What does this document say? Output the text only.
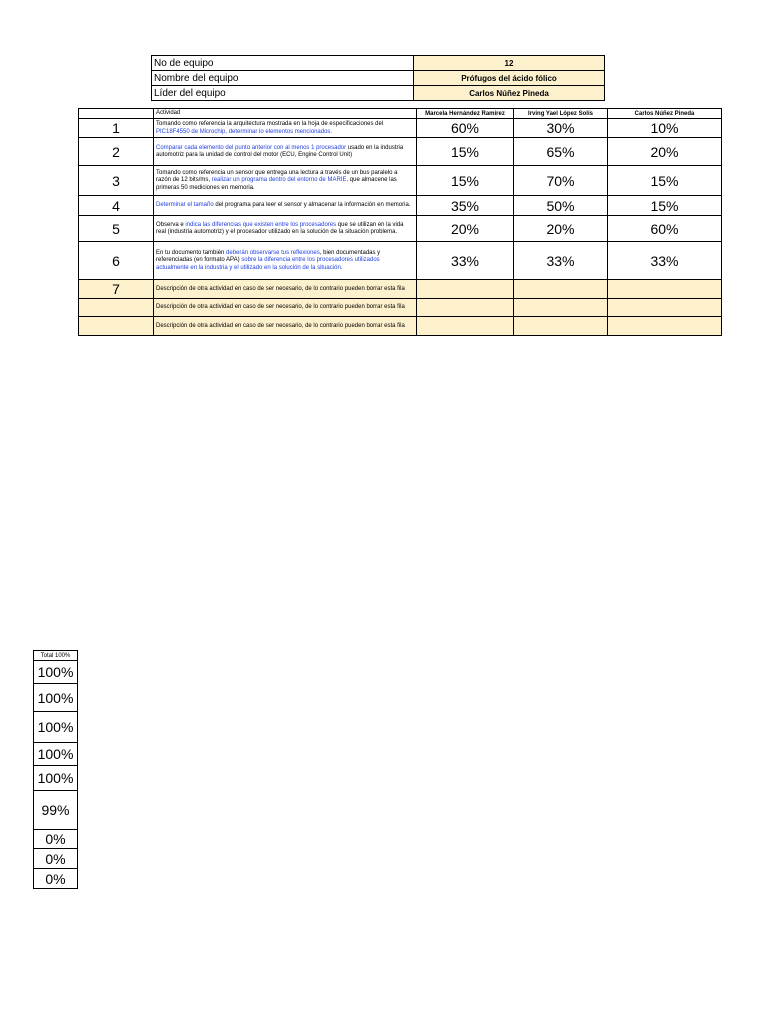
No de equipo	12
Nombre del equipo	Prófugos del ácido fólico
Líder del equipo	Carlos Núñez Pineda
	Actividad	Marcela Hernández Ramírez	Irving Yael López Solís	Carlos Núñez Pineda
1	Tomando como referencia la arquitectura mostrada en la hoja de especificaciones del PIC18F4550 de Microchip, determinar lo elementos mencionados.	60%	30%	10%
2	Comparar cada elemento del punto anterior con al menos 1 procesador usado en la industria automotriz para la unidad de control del motor (ECU, Engine Control Unit)	15%	65%	20%
3	Tomando como referencia un sensor que entrega una lectura a través de un bus paralelo a razón de 12 bits/ms, realizar un programa dentro del entorno de MARIE, que almacene las primeras 50 mediciones en memoria.	15%	70%	15%
4	Determinar el tamaño del programa para leer el sensor y almacenar la información en memoria.	35%	50%	15%
5	Observa e indica las diferencias que existen entre los procesadores que se utilizan en la vida real (industria automotriz) y el procesador utilizado en la solución de la situación problema.	20%	20%	60%
6	En tu documento también deberán observarse tus reflexiones, bien documentadas y referenciadas (en formato APA) sobre la diferencia entre los procesadores utilizados actualmente en la industria y el utilizado en la solución de la situación.	33%	33%	33%
7	Descripción de otra actividad en caso de ser necesario, de lo contrario pueden borrar esta fila			
	Descripción de otra actividad en caso de ser necesario, de lo contrario pueden borrar esta fila			
	Descripción de otra actividad en caso de ser necesario, de lo contrario pueden borrar esta fila			
Total 100%
100%
100%
100%
100%
100%
99%
0%
0%
0%
